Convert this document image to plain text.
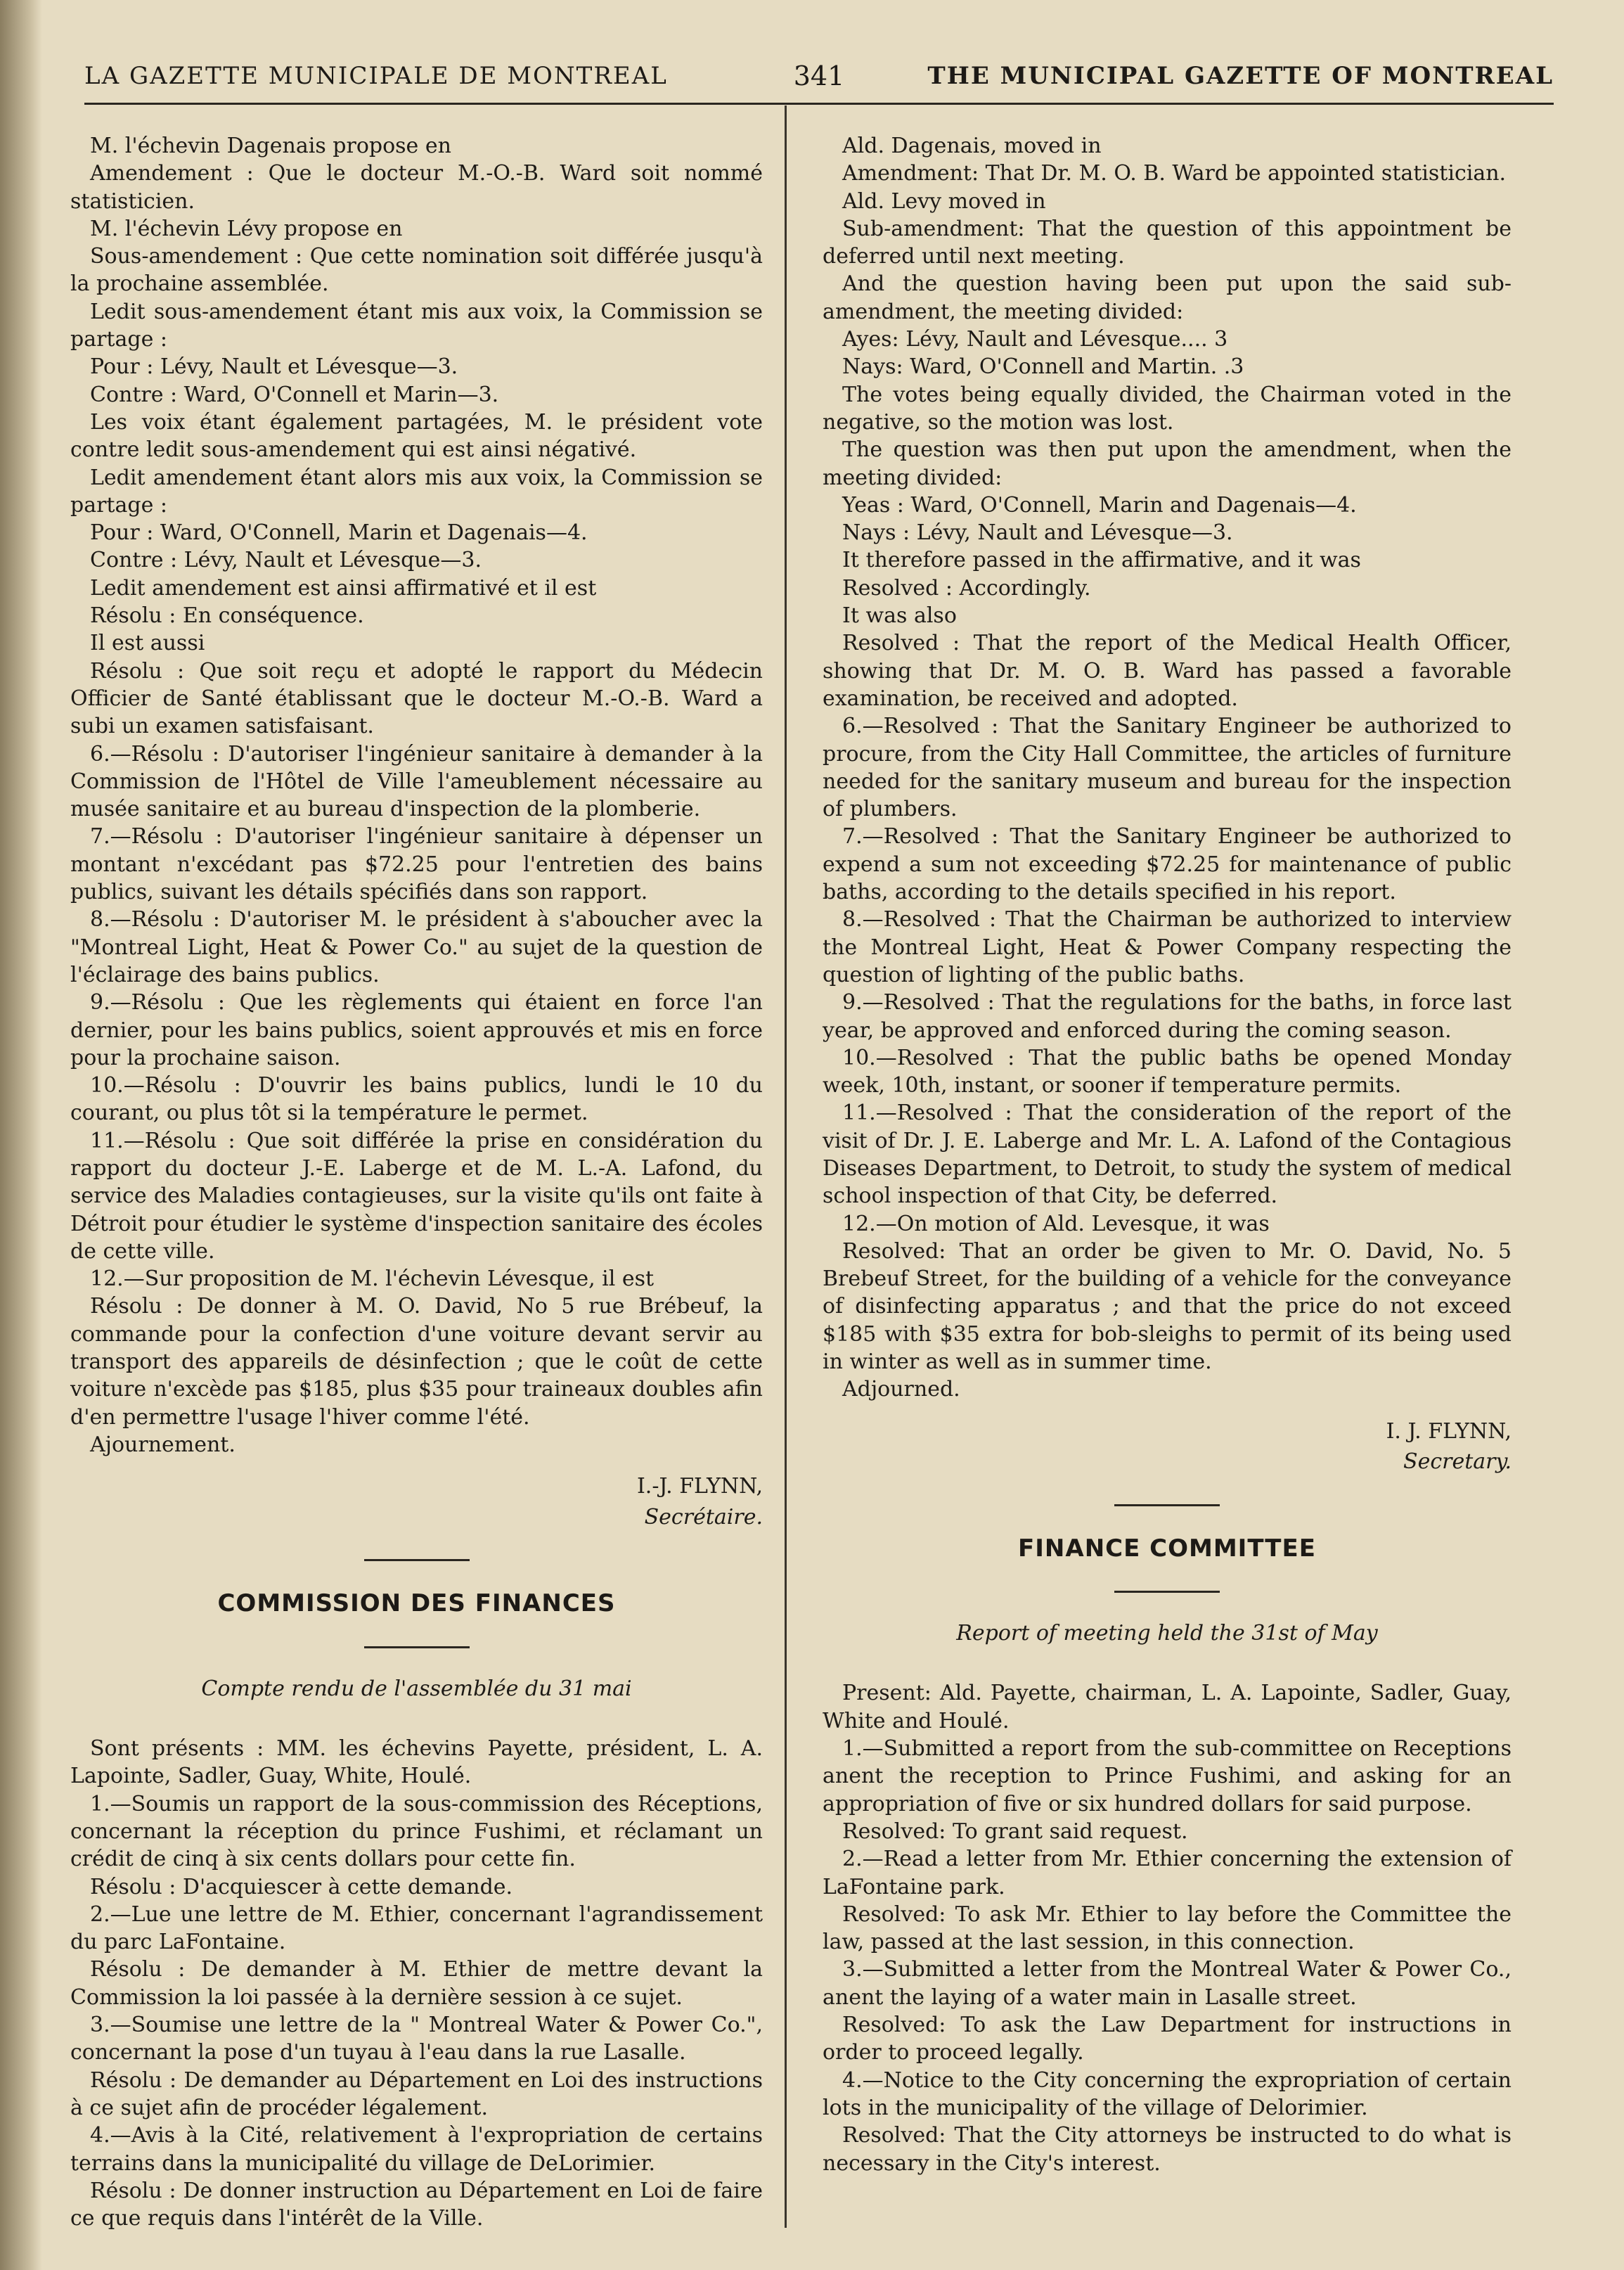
LA GAZETTE MUNICIPALE DE MONTREAL	341	THE MUNICIPAL GAZETTE OF MONTREAL

M. l'échevin Dagenais propose en

Amendement : Que le docteur M.-O.-B. Ward soit nommé statisticien.

M. l'échevin Lévy propose en

Sous-amendement : Que cette nomination soit différée jusqu'à la prochaine assemblée.

Ledit sous-amendement étant mis aux voix, la Commission se partage :

Pour : Lévy, Nault et Lévesque—3.

Contre : Ward, O'Connell et Marin—3.

Les voix étant également partagées, M. le président vote contre ledit sous-amendement qui est ainsi négativé.

Ledit amendement étant alors mis aux voix, la Commission se partage :

Pour : Ward, O'Connell, Marin et Dagenais—4.

Contre : Lévy, Nault et Lévesque—3.

Ledit amendement est ainsi affirmativé et il est

Résolu : En conséquence.

Il est aussi

Résolu : Que soit reçu et adopté le rapport du Médecin Officier de Santé établissant que le docteur M.-O.-B. Ward a subi un examen satisfaisant.

6.—Résolu : D'autoriser l'ingénieur sanitaire à demander à la Commission de l'Hôtel de Ville l'ameublement nécessaire au musée sanitaire et au bureau d'inspection de la plomberie.

7.—Résolu : D'autoriser l'ingénieur sanitaire à dépenser un montant n'excédant pas $72.25 pour l'entretien des bains publics, suivant les détails spécifiés dans son rapport.

8.—Résolu : D'autoriser M. le président à s'aboucher avec la "Montreal Light, Heat & Power Co." au sujet de la question de l'éclairage des bains publics.

9.—Résolu : Que les règlements qui étaient en force l'an dernier, pour les bains publics, soient approuvés et mis en force pour la prochaine saison.

10.—Résolu : D'ouvrir les bains publics, lundi le 10 du courant, ou plus tôt si la température le permet.

11.—Résolu : Que soit différée la prise en considération du rapport du docteur J.-E. Laberge et de M. L.-A. Lafond, du service des Maladies contagieuses, sur la visite qu'ils ont faite à Détroit pour étudier le système d'inspection sanitaire des écoles de cette ville.

12.—Sur proposition de M. l'échevin Lévesque, il est

Résolu : De donner à M. O. David, No 5 rue Brébeuf, la commande pour la confection d'une voiture devant servir au transport des appareils de désinfection ; que le coût de cette voiture n'excède pas $185, plus $35 pour traineaux doubles afin d'en permettre l'usage l'hiver comme l'été.

Ajournement.

I.-J. FLYNN,
Secrétaire.

COMMISSION DES FINANCES

Compte rendu de l'assemblée du 31 mai

Sont présents : MM. les échevins Payette, président, L. A. Lapointe, Sadler, Guay, White, Houlé.

1.—Soumis un rapport de la sous-commission des Réceptions, concernant la réception du prince Fushimi, et réclamant un crédit de cinq à six cents dollars pour cette fin.

Résolu : D'acquiescer à cette demande.

2.—Lue une lettre de M. Ethier, concernant l'agrandissement du parc LaFontaine.

Résolu : De demander à M. Ethier de mettre devant la Commission la loi passée à la dernière session à ce sujet.

3.—Soumise une lettre de la " Montreal Water & Power Co.", concernant la pose d'un tuyau à l'eau dans la rue Lasalle.

Résolu : De demander au Département en Loi des instructions à ce sujet afin de procéder légalement.

4.—Avis à la Cité, relativement à l'expropriation de certains terrains dans la municipalité du village de DeLorimier.

Résolu : De donner instruction au Département en Loi de faire ce que requis dans l'intérêt de la Ville.

Ald. Dagenais, moved in

Amendment: That Dr. M. O. B. Ward be appointed statistician.

Ald. Levy moved in

Sub-amendment: That the question of this appointment be deferred until next meeting.

And the question having been put upon the said sub-amendment, the meeting divided:

Ayes: Lévy, Nault and Lévesque.... 3

Nays: Ward, O'Connell and Martin. .3

The votes being equally divided, the Chairman voted in the negative, so the motion was lost.

The question was then put upon the amendment, when the meeting divided:

Yeas : Ward, O'Connell, Marin and Dagenais—4.

Nays : Lévy, Nault and Lévesque—3.

It therefore passed in the affirmative, and it was

Resolved : Accordingly.

It was also

Resolved : That the report of the Medical Health Officer, showing that Dr. M. O. B. Ward has passed a favorable examination, be received and adopted.

6.—Resolved : That the Sanitary Engineer be authorized to procure, from the City Hall Committee, the articles of furniture needed for the sanitary museum and bureau for the inspection of plumbers.

7.—Resolved : That the Sanitary Engineer be authorized to expend a sum not exceeding $72.25 for maintenance of public baths, according to the details specified in his report.

8.—Resolved : That the Chairman be authorized to interview the Montreal Light, Heat & Power Company respecting the question of lighting of the public baths.

9.—Resolved : That the regulations for the baths, in force last year, be approved and enforced during the coming season.

10.—Resolved : That the public baths be opened Monday week, 10th, instant, or sooner if temperature permits.

11.—Resolved : That the consideration of the report of the visit of Dr. J. E. Laberge and Mr. L. A. Lafond of the Contagious Diseases Department, to Detroit, to study the system of medical school inspection of that City, be deferred.

12.—On motion of Ald. Levesque, it was

Resolved: That an order be given to Mr. O. David, No. 5 Brebeuf Street, for the building of a vehicle for the conveyance of disinfecting apparatus ; and that the price do not exceed $185 with $35 extra for bob-sleighs to permit of its being used in winter as well as in summer time.

Adjourned.

I. J. FLYNN,
Secretary.

FINANCE COMMITTEE

Report of meeting held the 31st of May

Present: Ald. Payette, chairman, L. A. Lapointe, Sadler, Guay, White and Houlé.

1.—Submitted a report from the sub-committee on Receptions anent the reception to Prince Fushimi, and asking for an appropriation of five or six hundred dollars for said purpose.

Resolved: To grant said request.

2.—Read a letter from Mr. Ethier concerning the extension of LaFontaine park.

Resolved: To ask Mr. Ethier to lay before the Committee the law, passed at the last session, in this connection.

3.—Submitted a letter from the Montreal Water & Power Co., anent the laying of a water main in Lasalle street.

Resolved: To ask the Law Department for instructions in order to proceed legally.

4.—Notice to the City concerning the expropriation of certain lots in the municipality of the village of Delorimier.

Resolved: That the City attorneys be instructed to do what is necessary in the City's interest.
